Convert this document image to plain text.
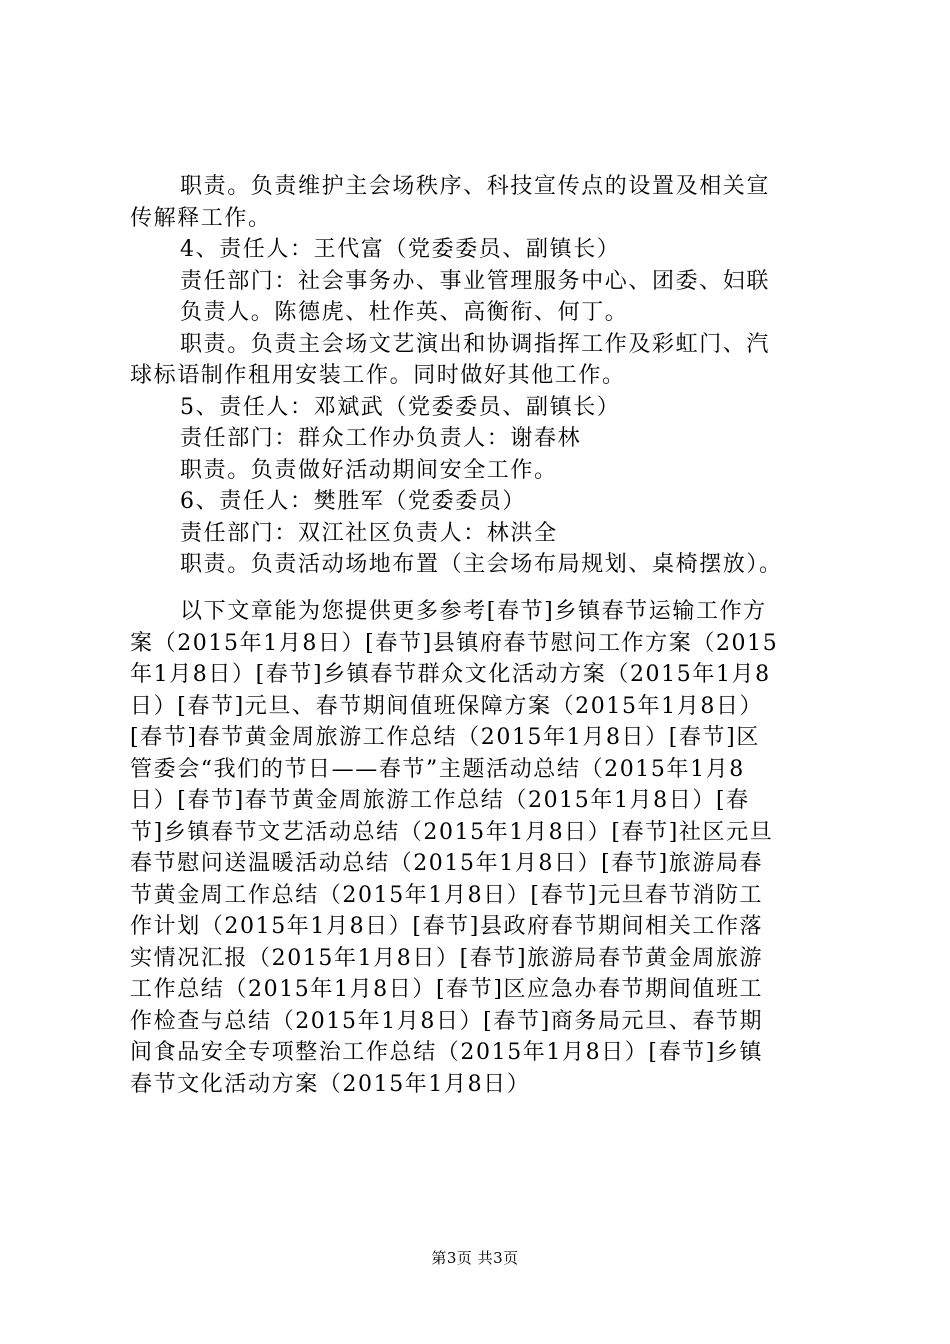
职责。负责维护主会场秩序、科技宣传点的设置及相关宣

传解释工作。

4、责任人：王代富（党委委员、副镇长）

责任部门：社会事务办、事业管理服务中心、团委、妇联

负责人。陈德虎、杜作英、高衡衔、何丁。

职责。负责主会场文艺演出和协调指挥工作及彩虹门、汽

球标语制作租用安装工作。同时做好其他工作。

5、责任人：邓斌武（党委委员、副镇长）

责任部门：群众工作办负责人：谢春林

职责。负责做好活动期间安全工作。

6、责任人：樊胜军（党委委员）

责任部门：双江社区负责人：林洪全

职责。负责活动场地布置（主会场布局规划、桌椅摆放）。

以下文章能为您提供更多参考[春节]乡镇春节运输工作方

案（2015年1月8日）[春节]县镇府春节慰问工作方案（2015

年1月8日）[春节]乡镇春节群众文化活动方案（2015年1月8

日）[春节]元旦、春节期间值班保障方案（2015年1月8日）

[春节]春节黄金周旅游工作总结（2015年1月8日）[春节]区

管委会“我们的节日——春节”主题活动总结（2015年1月8

日）[春节]春节黄金周旅游工作总结（2015年1月8日）[春

节]乡镇春节文艺活动总结（2015年1月8日）[春节]社区元旦

春节慰问送温暖活动总结（2015年1月8日）[春节]旅游局春

节黄金周工作总结（2015年1月8日）[春节]元旦春节消防工

作计划（2015年1月8日）[春节]县政府春节期间相关工作落

实情况汇报（2015年1月8日）[春节]旅游局春节黄金周旅游

工作总结（2015年1月8日）[春节]区应急办春节期间值班工

作检查与总结（2015年1月8日）[春节]商务局元旦、春节期

间食品安全专项整治工作总结（2015年1月8日）[春节]乡镇

春节文化活动方案（2015年1月8日）

第3页 共3页
